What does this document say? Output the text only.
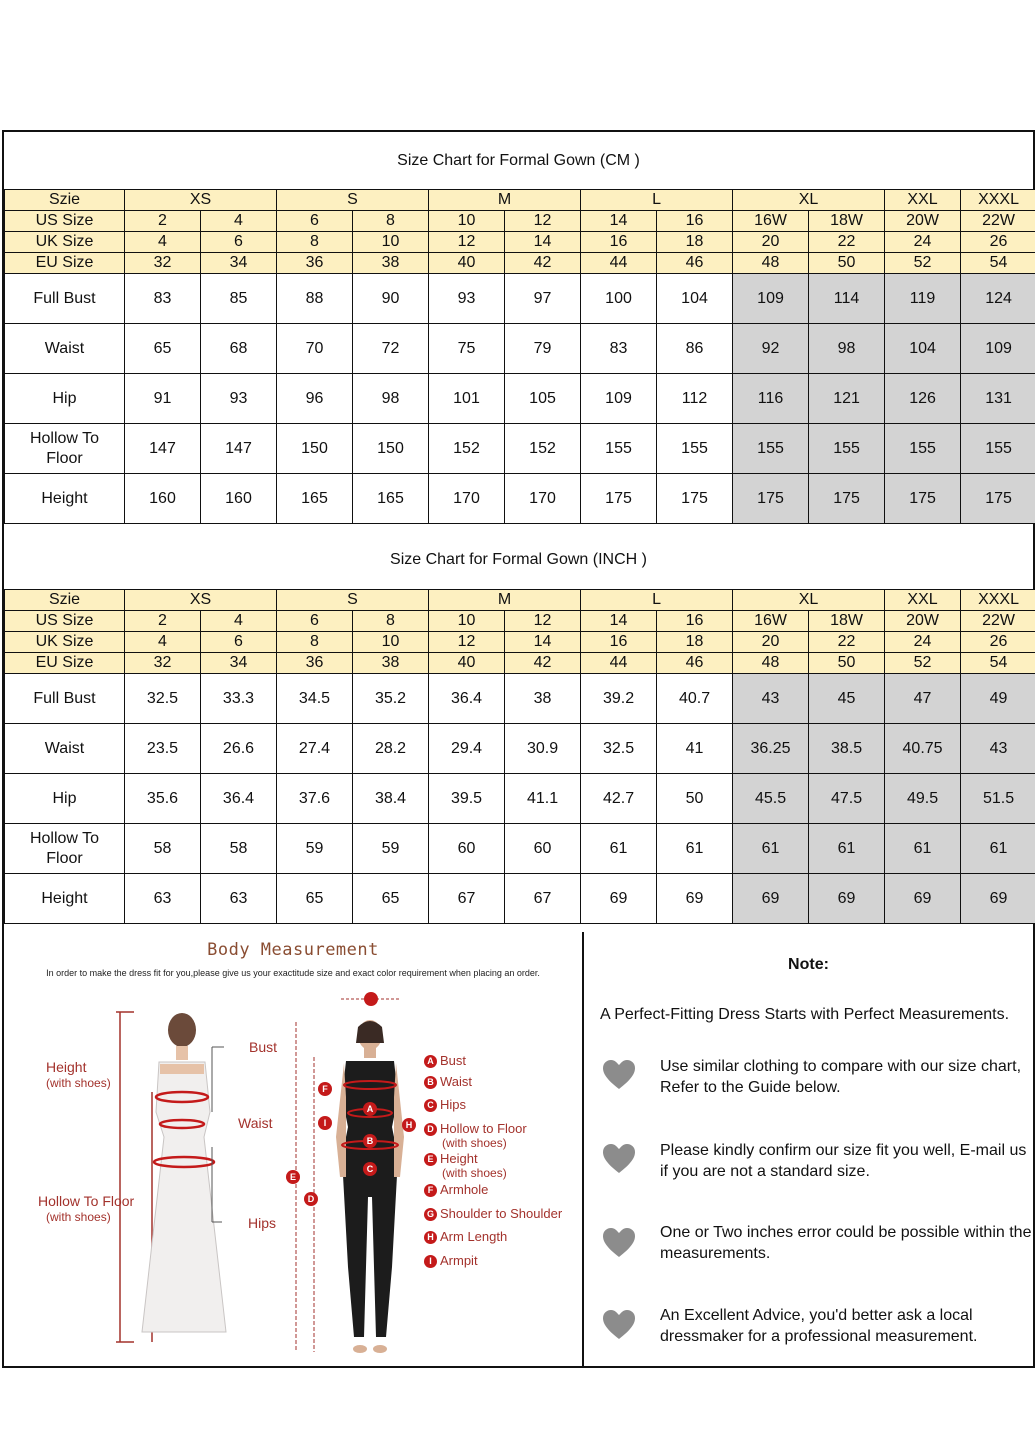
Size Chart for Formal Gown (CM )
Szie	XS		S		M		L		XL		XXL	XXXL		
US Size	2	4	6	8	10	12	14	16	16W	18W	20W	22W	
UK Size	4	6	8	10	12	14	16	18	20	22	24	26	
EU Size	32	34	36	38	40	42	44	46	48	50	52	54	
Full Bust	83	85	88	90	93	97	100	104	109	114	119	124	
Waist	65	68	70	72	75	79	83	86	92	98	104	109	
Hip	91	93	96	98	101	105	109	112	116	121	126	131	

Hollow To
Floor	147	147	150	150	152	152	155	155	155	155	155	155	
Height	160	160	165	165	170	170	175	175	175	175	175	175	
Size Chart for Formal Gown (INCH )
Szie	XS		S		M		L		XL		XXL	XXXL		
US Size	2	4	6	8	10	12	14	16	16W	18W	20W	22W	
UK Size	4	6	8	10	12	14	16	18	20	22	24	26	
EU Size	32	34	36	38	40	42	44	46	48	50	52	54	
Full Bust	32.5	33.3	34.5	35.2	36.4	38	39.2	40.7	43	45	47	49	
Waist	23.5	26.6	27.4	28.2	29.4	30.9	32.5	41	36.25	38.5	40.75	43	
Hip	35.6	36.4	37.6	38.4	39.5	41.1	42.7	50	45.5	47.5	49.5	51.5	

Hollow To
Floor	58	58	59	59	60	60	61	61	61	61	61	61	
Height	63	63	65	65	67	67	69	69	69	69	69	69	
Body Measurement
In order to make the dress fit for you,please give us your exactitude size and exact color requirement when placing an order.
Height
(with shoes)
Hollow To Floor
(with shoes)
Bust
Waist
Hips
F
I
A
B
C
H
E
D
A Bust
B Waist
C Hips
D Hollow to Floor
(with shoes)
E Height
(with shoes)
F Armhole
G Shoulder to Shoulder
H Arm Length
I Armpit
Note:
A Perfect-Fitting Dress Starts with Perfect Measurements.
Use similar clothing to compare with our size chart, Refer to the Guide below.
Please kindly confirm our size fit you well, E-mail us if you are not a standard size.
One or Two inches error could be possible within the measurements.
An Excellent Advice, you'd better ask a local dressmaker for a professional measurement.
